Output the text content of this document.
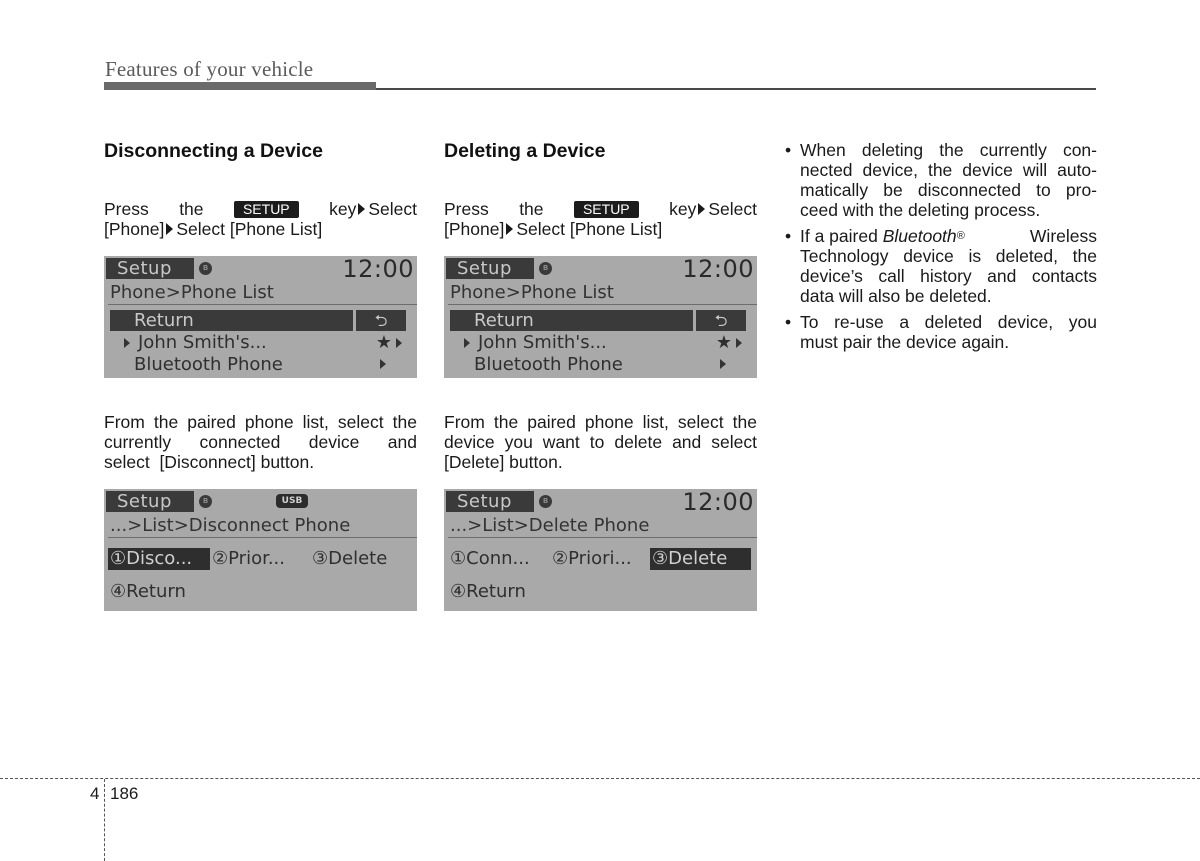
Features of your vehicle
Disconnecting a Device
Press the	SETUP	key Select
[Phone] Select [Phone List]
Setup	ʙ	12:00
Phone>Phone List
Return	⮌
John Smith's...	★
Bluetooth Phone
From the paired phone list, select the
currently connected device and
select  [Disconnect] button.
Setup	ʙ	USB
...>List>Disconnect Phone
①Disco...	②Prior... ③Delete
④Return
Deleting a Device
Press the	SETUP	key Select
[Phone] Select [Phone List]
Setup	ʙ	12:00
Phone>Phone List
Return	⮌
John Smith's...	★
Bluetooth Phone
From the paired phone list, select the
device you want to delete and select
[Delete] button.
Setup	ʙ	12:00
...>List>Delete Phone
①Conn... ②Priori... ③Delete
④Return
• When deleting the currently con-
nected device, the device will auto-
matically be disconnected to pro-
ceed with the deleting process.
• If a paired Bluetooth®	Wireless
Technology device is deleted, the
device’s call history and contacts
data will also be deleted.
• To re-use a deleted device, you
must pair the device again.
4 186
